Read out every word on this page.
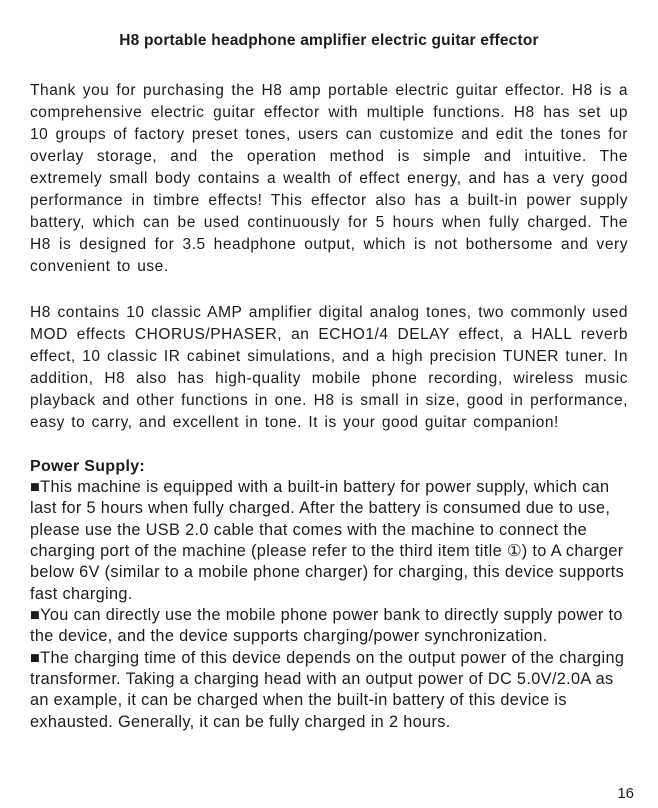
H8 portable headphone amplifier electric guitar effector

Thank you for purchasing the H8 amp portable electric guitar effector. H8 is a comprehensive electric guitar effector with multiple functions. H8 has set up 10 groups of factory preset tones, users can customize and edit the tones for overlay storage, and the operation method is simple and intuitive. The extremely small body contains a wealth of effect energy, and has a very good performance in timbre effects! This effector also has a built-in power supply battery, which can be used continuously for 5 hours when fully charged. The H8 is designed for 3.5 headphone output, which is not bothersome and very convenient to use.

H8 contains 10 classic AMP amplifier digital analog tones, two commonly used MOD effects CHORUS/PHASER, an ECHO1/4 DELAY effect, a HALL reverb effect, 10 classic IR cabinet simulations, and a high precision TUNER tuner. In addition, H8 also has high-quality mobile phone recording, wireless music playback and other functions in one. H8 is small in size, good in performance, easy to carry, and excellent in tone. It is your good guitar companion!

Power Supply:

■This machine is equipped with a built-in battery for power supply, which can last for 5 hours when fully charged. After the battery is consumed due to use, please use the USB 2.0 cable that comes with the machine to connect the charging port of the machine (please refer to the third item title ①) to A charger below 6V (similar to a mobile phone charger) for charging, this device supports fast charging.

■You can directly use the mobile phone power bank to directly supply power to the device, and the device supports charging/power synchronization.

■The charging time of this device depends on the output power of the charging transformer. Taking a charging head with an output power of DC 5.0V/2.0A as an example, it can be charged when the built-in battery of this device is exhausted. Generally, it can be fully charged in 2 hours.

16
